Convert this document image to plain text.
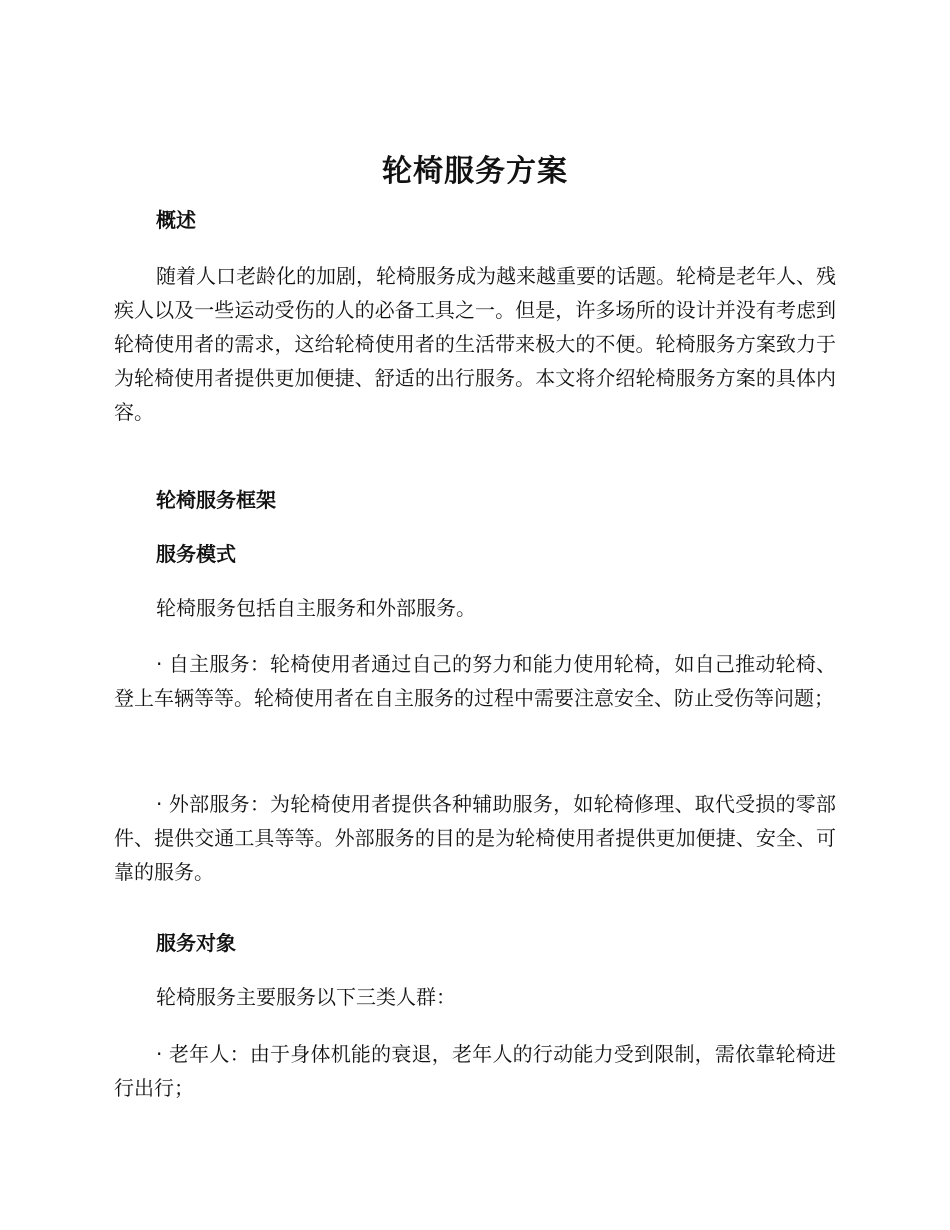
轮椅服务方案
概述

随着人口老龄化的加剧，轮椅服务成为越来越重要的话题。轮椅是老年人、残疾人以及一些运动受伤的人的必备工具之一。但是，许多场所的设计并没有考虑到轮椅使用者的需求，这给轮椅使用者的生活带来极大的不便。轮椅服务方案致力于为轮椅使用者提供更加便捷、舒适的出行服务。本文将介绍轮椅服务方案的具体内容。

轮椅服务框架
服务模式

轮椅服务包括自主服务和外部服务。

· 自主服务：轮椅使用者通过自己的努力和能力使用轮椅，如自己推动轮椅、登上车辆等等。轮椅使用者在自主服务的过程中需要注意安全、防止受伤等问题；

· 外部服务：为轮椅使用者提供各种辅助服务，如轮椅修理、取代受损的零部件、提供交通工具等等。外部服务的目的是为轮椅使用者提供更加便捷、安全、可靠的服务。

服务对象

轮椅服务主要服务以下三类人群：

· 老年人：由于身体机能的衰退，老年人的行动能力受到限制，需依靠轮椅进行出行；
